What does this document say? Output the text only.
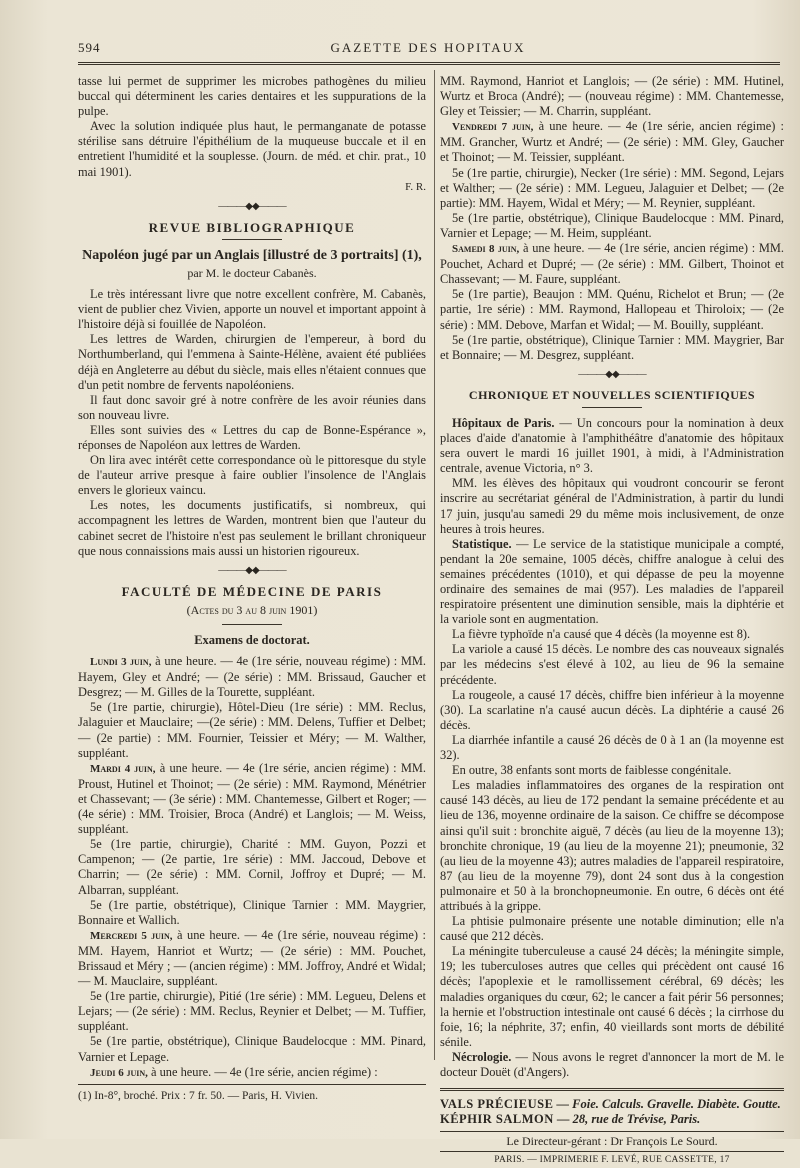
594	GAZETTE DES HOPITAUX

tasse lui permet de supprimer les microbes pathogènes du milieu buccal qui déterminent les caries dentaires et les suppurations de la pulpe.

Avec la solution indiquée plus haut, le permanganate de potasse stérilise sans détruire l'épithélium de la muqueuse buccale et il en entretient l'humidité et la souplesse. (Journ. de méd. et chir. prat., 10 mai 1901).

F. R.
———◆◆———
REVUE BIBLIOGRAPHIQUE
Napoléon jugé par un Anglais [illustré de 3 portraits] (1),
par M. le docteur Cabanès.

Le très intéressant livre que notre excellent confrère, M. Cabanès, vient de publier chez Vivien, apporte un nouvel et important appoint à l'histoire déjà si fouillée de Napoléon.

Les lettres de Warden, chirurgien de l'empereur, à bord du Northumberland, qui l'emmena à Sainte-Hélène, avaient été publiées déjà en Angleterre au début du siècle, mais elles n'étaient connues que d'un petit nombre de fervents napoléoniens.

Il faut donc savoir gré à notre confrère de les avoir réunies dans son nouveau livre.

Elles sont suivies des « Lettres du cap de Bonne-Espérance », réponses de Napoléon aux lettres de Warden.

On lira avec intérêt cette correspondance où le pittoresque du style de l'auteur arrive presque à faire oublier l'insolence de l'Anglais envers le glorieux vaincu.

Les notes, les documents justificatifs, si nombreux, qui accompagnent les lettres de Warden, montrent bien que l'auteur du cabinet secret de l'histoire n'est pas seulement le brillant chroniqueur que nous connaissions mais aussi un historien rigoureux.

———◆◆———
FACULTÉ DE MÉDECINE DE PARIS
(Actes du 3 au 8 juin 1901)
Examens de doctorat.

Lundi 3 juin, à une heure. — 4e (1re série, nouveau régime) : MM. Hayem, Gley et André; — (2e série) : MM. Brissaud, Gaucher et Desgrez; — M. Gilles de la Tourette, suppléant.

5e (1re partie, chirurgie), Hôtel-Dieu (1re série) : MM. Reclus, Jalaguier et Mauclaire; —(2e série) : MM. Delens, Tuffier et Delbet; — (2e partie) : MM. Fournier, Teissier et Méry; — M. Walther, suppléant.

Mardi 4 juin, à une heure. — 4e (1re série, ancien régime) : MM. Proust, Hutinel et Thoinot; — (2e série) : MM. Raymond, Ménétrier et Chassevant; — (3e série) : MM. Chantemesse, Gilbert et Roger; — (4e série) : MM. Troisier, Broca (André) et Langlois; — M. Weiss, suppléant.

5e (1re partie, chirurgie), Charité : MM. Guyon, Pozzi et Campenon; — (2e partie, 1re série) : MM. Jaccoud, Debove et Charrin; — (2e série) : MM. Cornil, Joffroy et Dupré; — M. Albarran, suppléant.

5e (1re partie, obstétrique), Clinique Tarnier : MM. Maygrier, Bonnaire et Wallich.

Mercredi 5 juin, à une heure. — 4e (1re série, nouveau régime) : MM. Hayem, Hanriot et Wurtz; — (2e série) : MM. Pouchet, Brissaud et Méry ; — (ancien régime) : MM. Joffroy, André et Widal; — M. Mauclaire, suppléant.

5e (1re partie, chirurgie), Pitié (1re série) : MM. Legueu, Delens et Lejars; — (2e série) : MM. Reclus, Reynier et Delbet; — M. Tuffier, suppléant.

5e (1re partie, obstétrique), Clinique Baudelocque : MM. Pinard, Varnier et Lepage.

Jeudi 6 juin, à une heure. — 4e (1re série, ancien régime) :

(1) In-8°, broché. Prix : 7 fr. 50. — Paris, H. Vivien.

MM. Raymond, Hanriot et Langlois; — (2e série) : MM. Hutinel, Wurtz et Broca (André); — (nouveau régime) : MM. Chantemesse, Gley et Teissier; — M. Charrin, suppléant.

Vendredi 7 juin, à une heure. — 4e (1re série, ancien régime) : MM. Grancher, Wurtz et André; — (2e série) : MM. Gley, Gaucher et Thoinot; — M. Teissier, suppléant.

5e (1re partie, chirurgie), Necker (1re série) : MM. Segond, Lejars et Walther; — (2e série) : MM. Legueu, Jalaguier et Delbet; — (2e partie): MM. Hayem, Widal et Méry; — M. Reynier, suppléant.

5e (1re partie, obstétrique), Clinique Baudelocque : MM. Pinard, Varnier et Lepage; — M. Heim, suppléant.

Samedi 8 juin, à une heure. — 4e (1re série, ancien régime) : MM. Pouchet, Achard et Dupré; — (2e série) : MM. Gilbert, Thoinot et Chassevant; — M. Faure, suppléant.

5e (1re partie), Beaujon : MM. Quénu, Richelot et Brun; — (2e partie, 1re série) : MM. Raymond, Hallopeau et Thiroloix; — (2e série) : MM. Debove, Marfan et Widal; — M. Bouilly, suppléant.

5e (1re partie, obstétrique), Clinique Tarnier : MM. Maygrier, Bar et Bonnaire; — M. Desgrez, suppléant.

———◆◆———
CHRONIQUE ET NOUVELLES SCIENTIFIQUES

Hôpitaux de Paris. — Un concours pour la nomination à deux places d'aide d'anatomie à l'amphithéâtre d'anatomie des hôpitaux sera ouvert le mardi 16 juillet 1901, à midi, à l'Administration centrale, avenue Victoria, n° 3.

MM. les élèves des hôpitaux qui voudront concourir se feront inscrire au secrétariat général de l'Administration, à partir du lundi 17 juin, jusqu'au samedi 29 du même mois inclusivement, de onze heures à trois heures.

Statistique. — Le service de la statistique municipale a compté, pendant la 20e semaine, 1005 décès, chiffre analogue à celui des semaines précédentes (1010), et qui dépasse de peu la moyenne ordinaire des semaines de mai (957). Les maladies de l'appareil respiratoire présentent une diminution sensible, mais la diphtérie et la variole sont en augmentation.

La fièvre typhoïde n'a causé que 4 décès (la moyenne est 8).

La variole a causé 15 décès. Le nombre des cas nouveaux signalés par les médecins s'est élevé à 102, au lieu de 96 la semaine précédente.

La rougeole, a causé 17 décès, chiffre bien inférieur à la moyenne (30). La scarlatine n'a causé aucun décès. La diphtérie a causé 26 décès.

La diarrhée infantile a causé 26 décès de 0 à 1 an (la moyenne est 32).

En outre, 38 enfants sont morts de faiblesse congénitale.

Les maladies inflammatoires des organes de la respiration ont causé 143 décès, au lieu de 172 pendant la semaine précédente et au lieu de 136, moyenne ordinaire de la saison. Ce chiffre se décompose ainsi qu'il suit : bronchite aiguë, 7 décès (au lieu de la moyenne 13); bronchite chronique, 19 (au lieu de la moyenne 21); pneumonie, 32 (au lieu de la moyenne 43); autres maladies de l'appareil respiratoire, 87 (au lieu de la moyenne 79), dont 24 sont dus à la congestion pulmonaire et 50 à la bronchopneumonie. En outre, 6 décès ont été attribués à la grippe.

La phtisie pulmonaire présente une notable diminution; elle n'a causé que 212 décès.

La méningite tuberculeuse a causé 24 décès; la méningite simple, 19; les tuberculoses autres que celles qui précèdent ont causé 16 décès; l'apoplexie et le ramollissement cérébral, 69 décès; les maladies organiques du cœur, 62; le cancer a fait périr 56 personnes; la hernie et l'obstruction intestinale ont causé 6 décès ; la cirrhose du foie, 16; la néphrite, 37; enfin, 40 vieillards sont morts de débilité sénile.

Nécrologie. — Nous avons le regret d'annoncer la mort de M. le docteur Douët (d'Angers).

VALS PRÉCIEUSE — Foie. Calculs. Gravelle. Diabète. Goutte.
KÉPHIR SALMON — 28, rue de Trévise, Paris.
Le Directeur-gérant : Dr François Le Sourd.
PARIS. — IMPRIMERIE F. LEVÉ, RUE CASSETTE, 17
